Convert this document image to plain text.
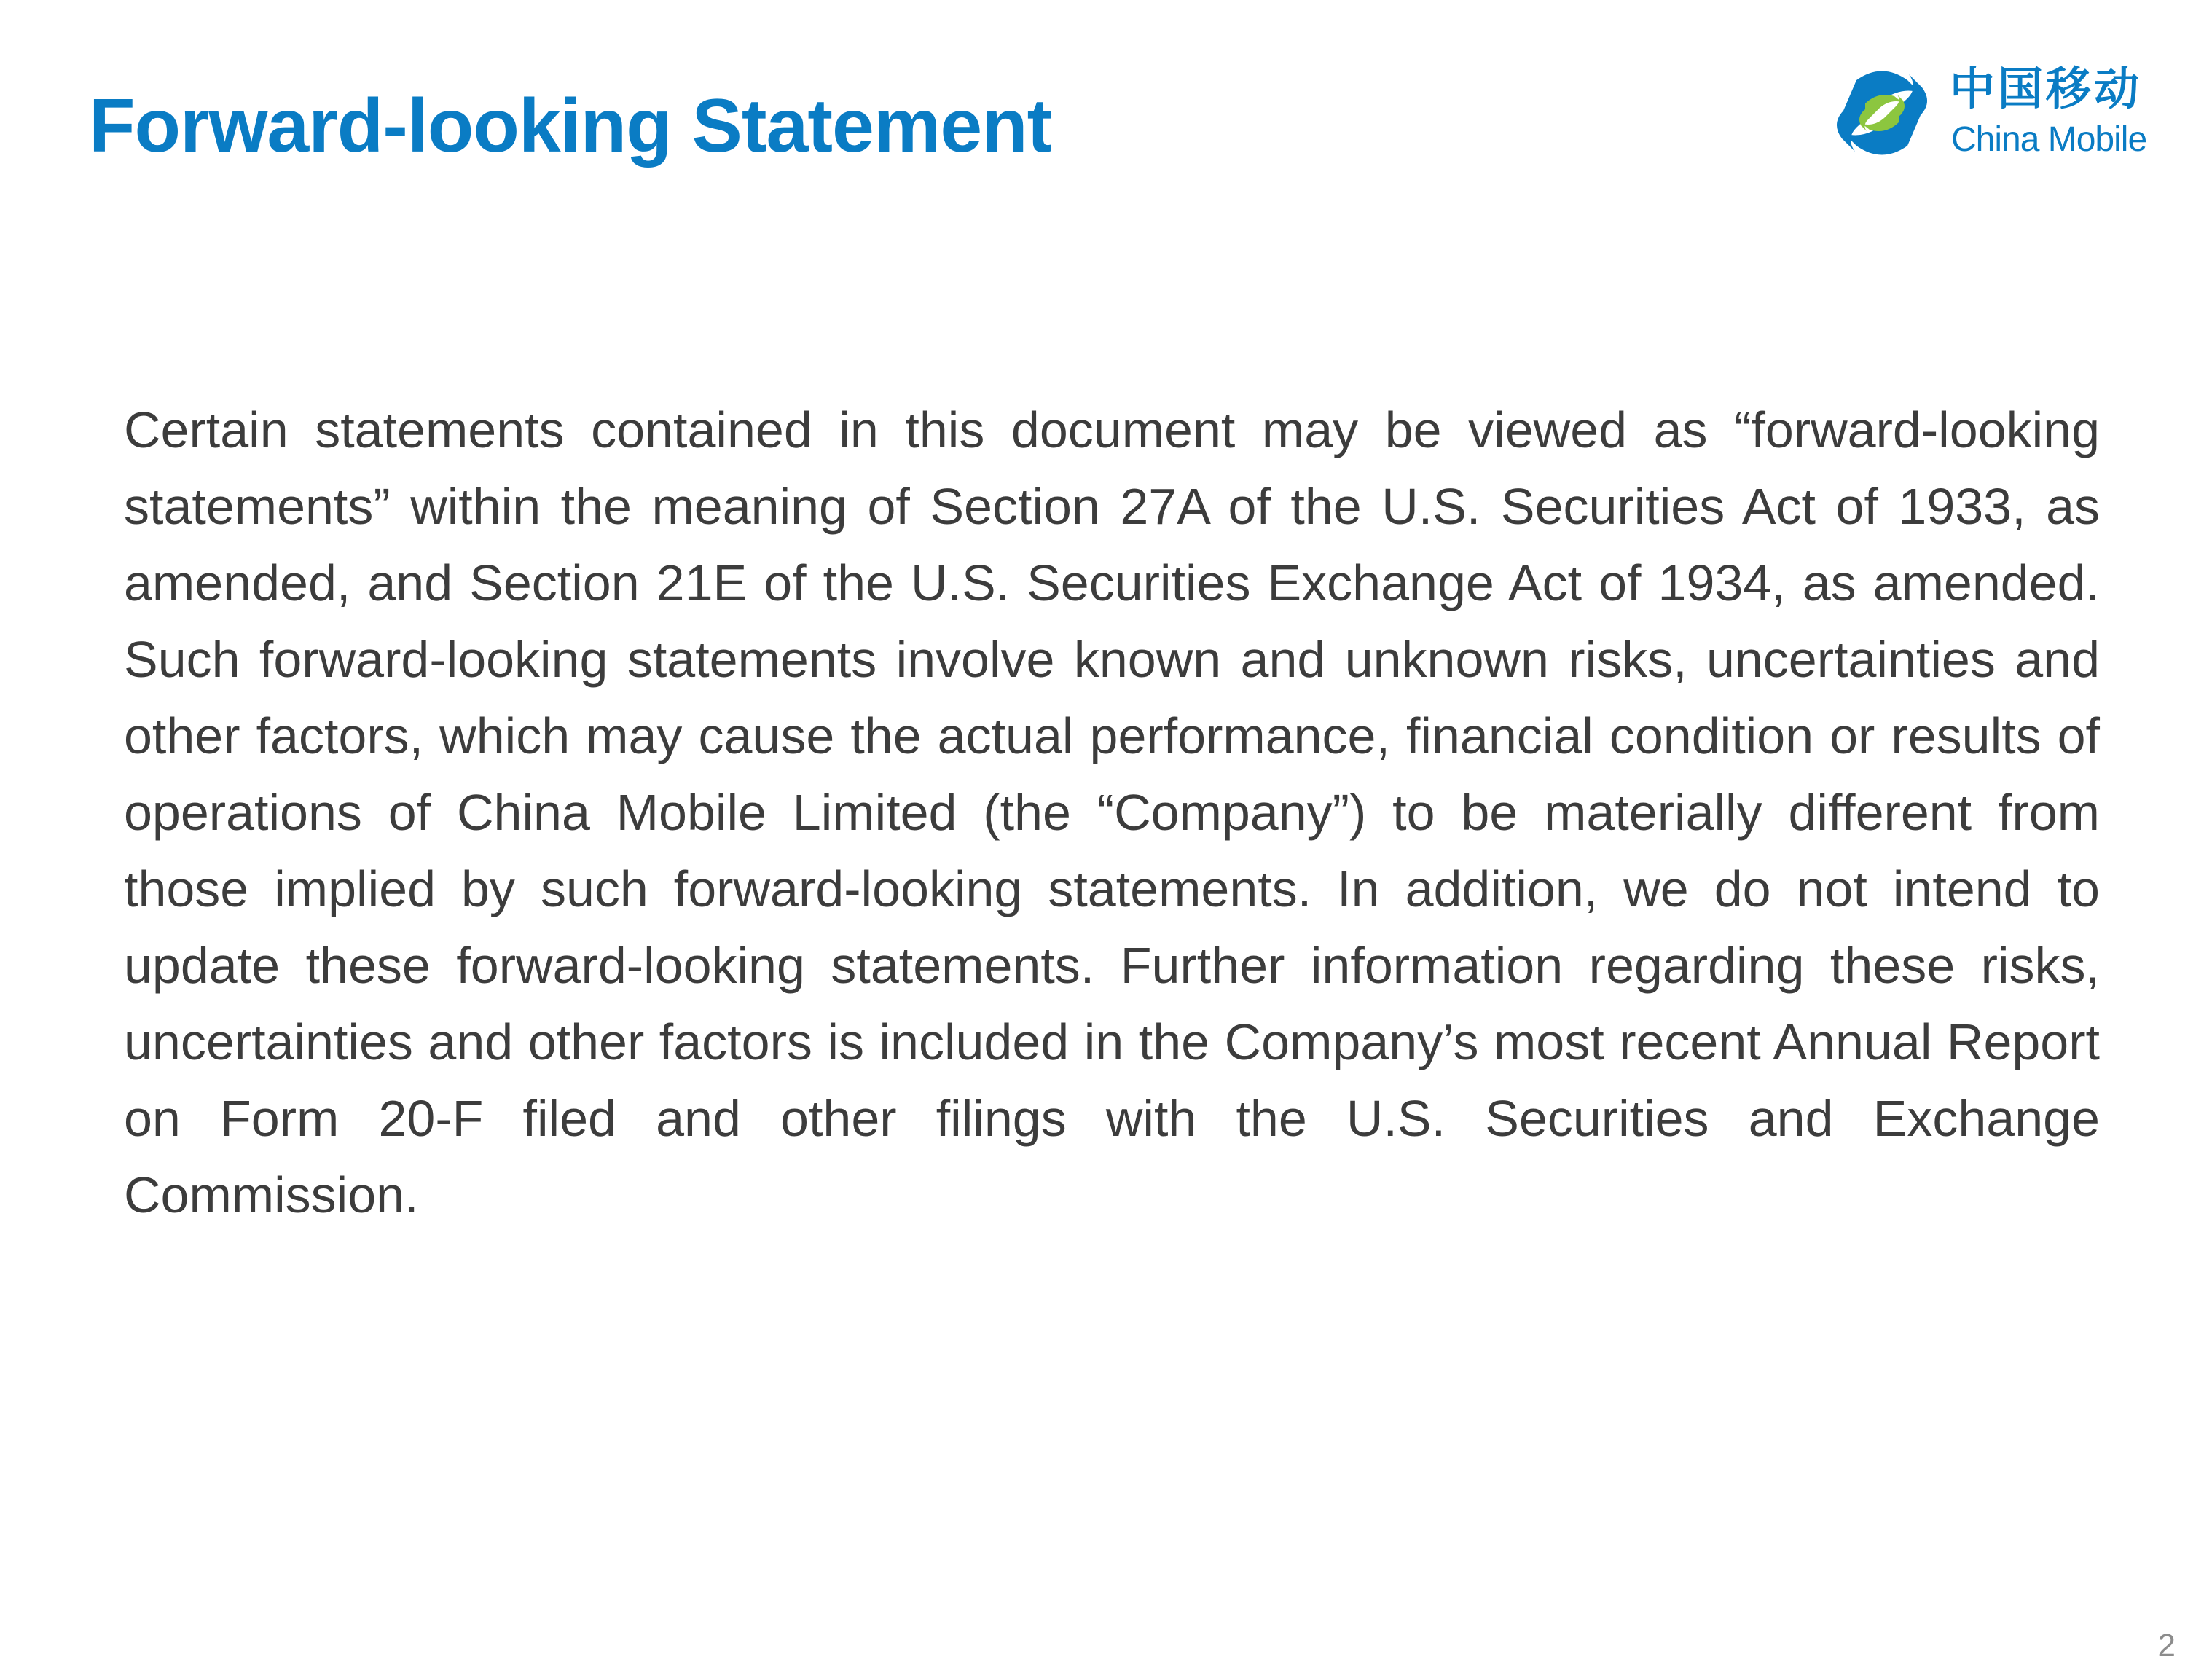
Forward-looking Statement	中国移动
China Mobile

Certain statements contained in this document may be viewed as “forward-looking statements” within the meaning of Section 27A of the U.S. Securities Act of 1933, as amended, and Section 21E of the U.S. Securities Exchange Act of 1934, as amended. Such forward-looking statements involve known and unknown risks, uncertainties and other factors, which may cause the actual performance, financial condition or results of operations of China Mobile Limited (the “Company”) to be materially different from those implied by such forward-looking statements. In addition, we do not intend to update these forward-looking statements. Further information regarding these risks, uncertainties and other factors is included in the Company’s most recent Annual Report on Form 20-F filed and other filings with the U.S. Securities and Exchange Commission.

2
